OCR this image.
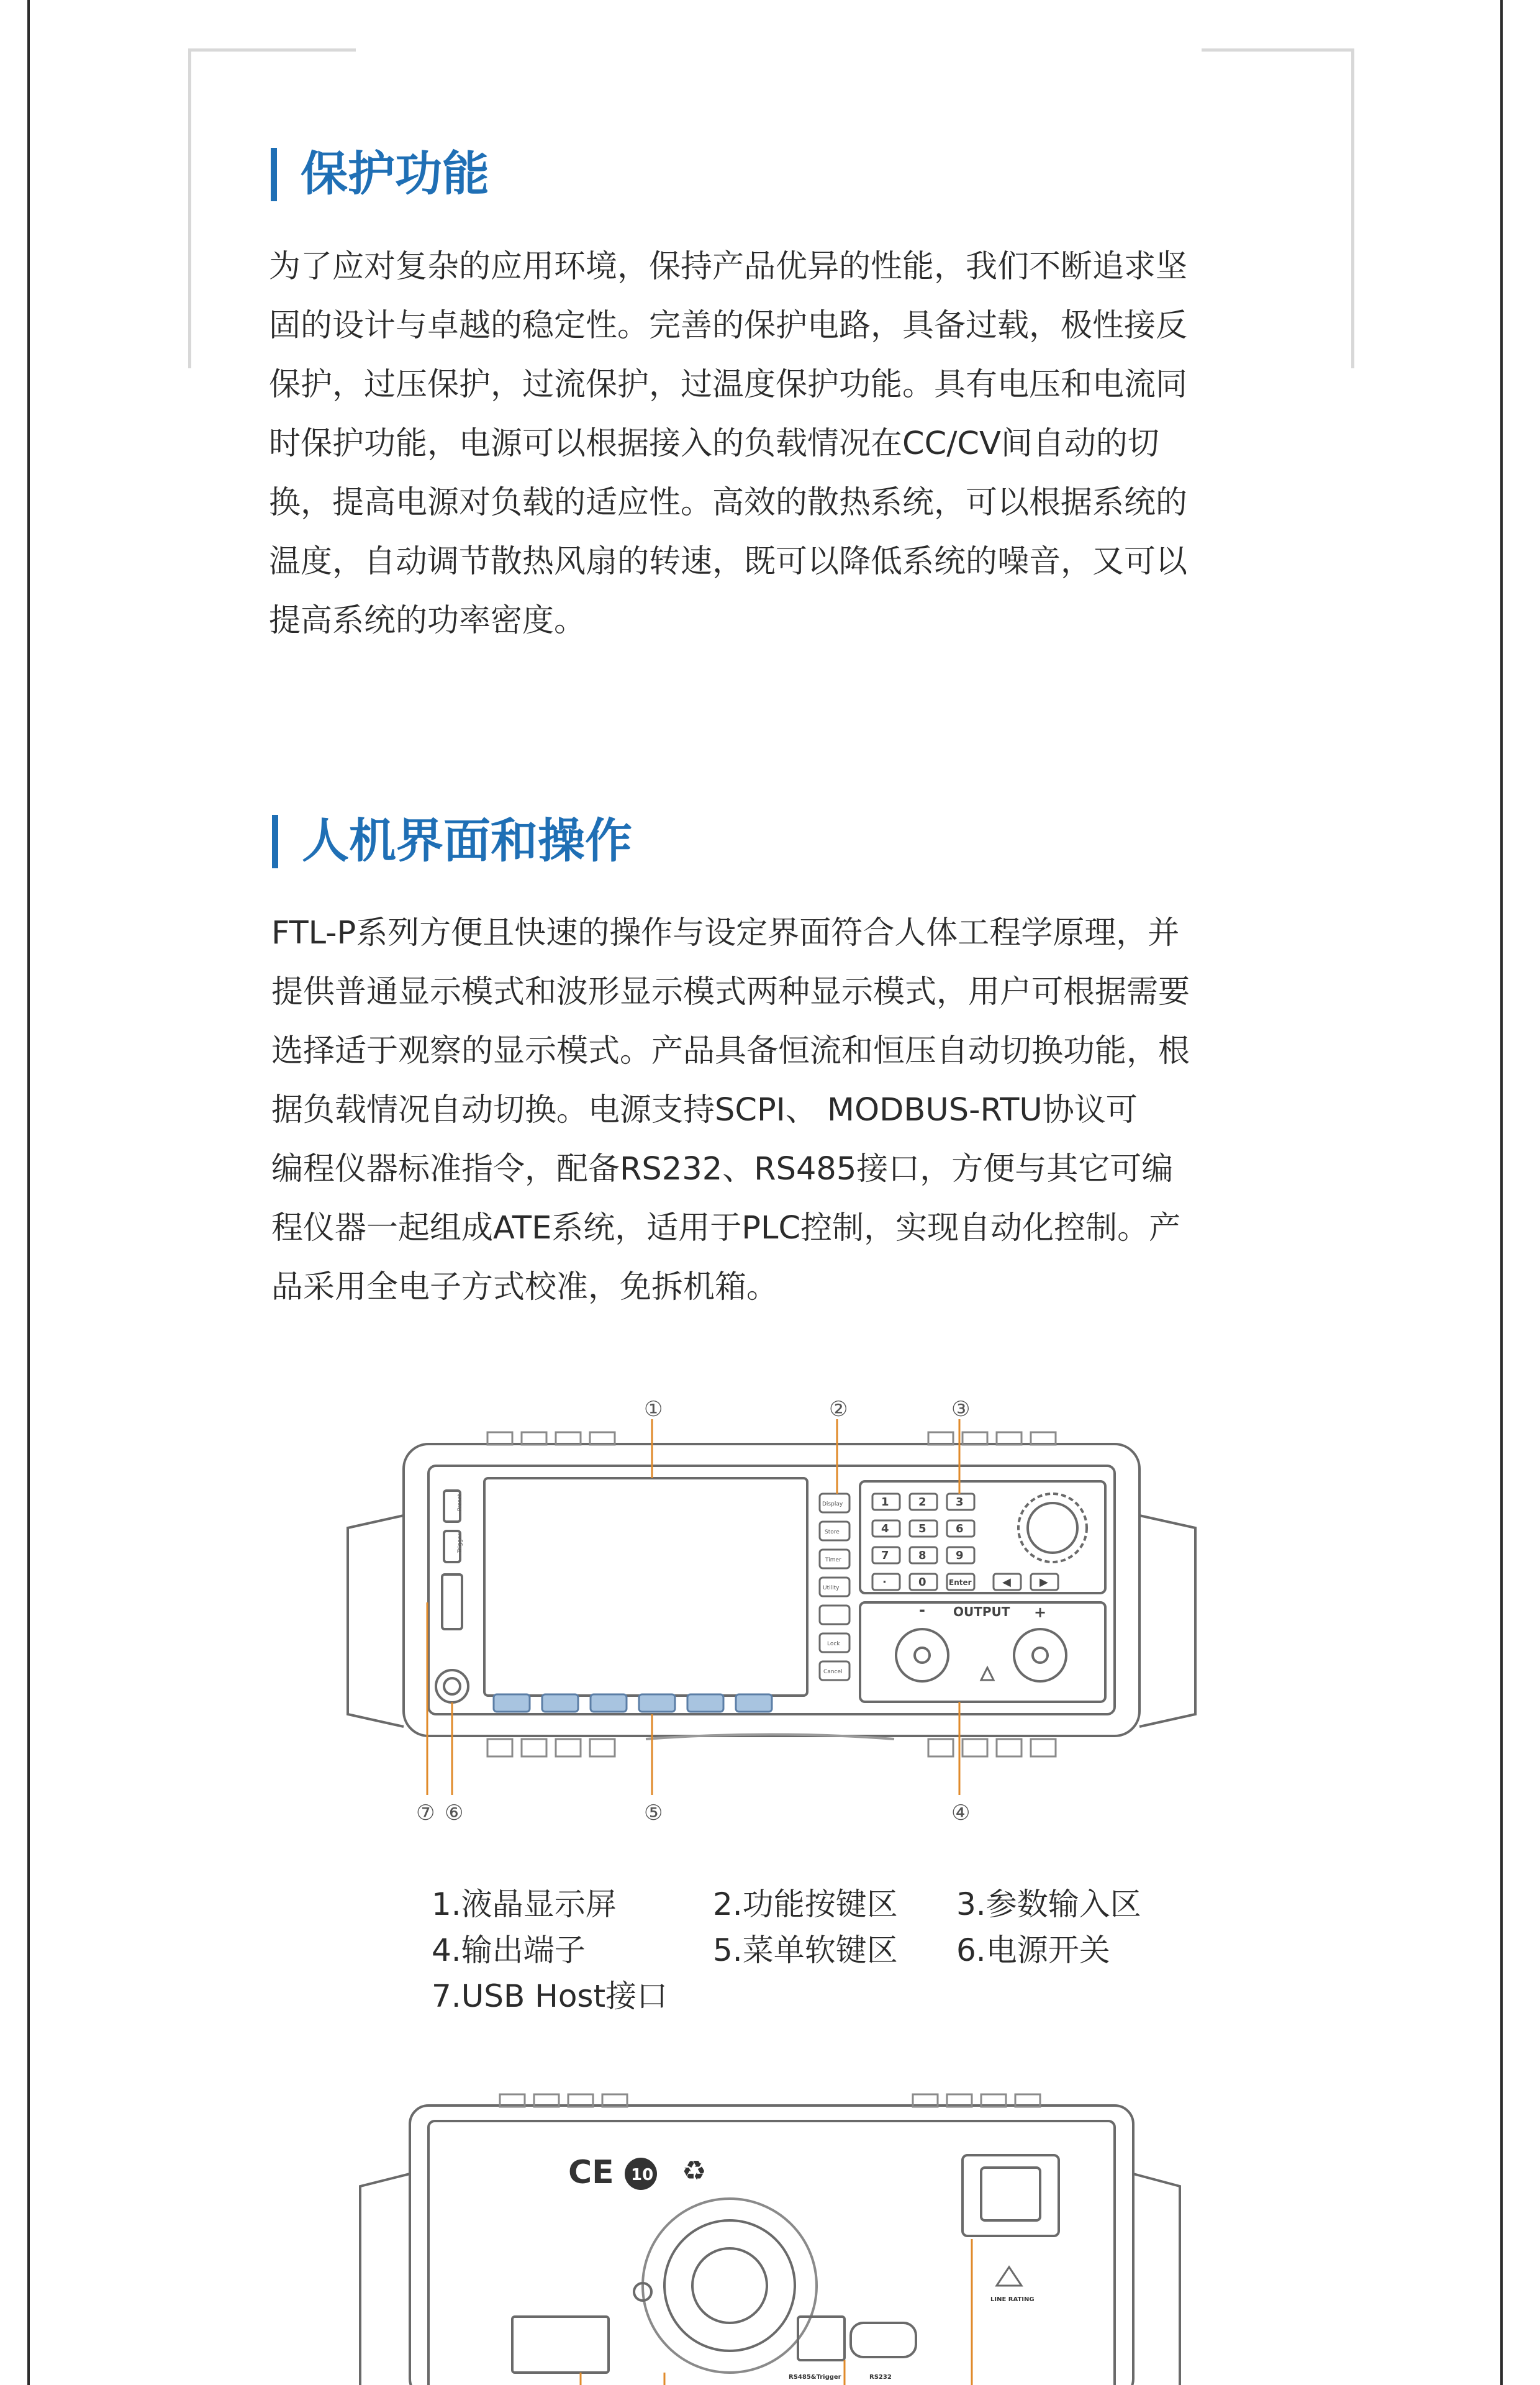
保护功能
为了应对复杂的应用环境，保持产品优异的性能，我们不断追求坚
固的设计与卓越的稳定性。完善的保护电路，具备过载，极性接反
保护，过压保护，过流保护，过温度保护功能。具有电压和电流同
时保护功能，电源可以根据接入的负载情况在CC/CV间自动的切
换，提高电源对负载的适应性。高效的散热系统，可以根据系统的
温度，自动调节散热风扇的转速，既可以降低系统的噪音，又可以
提高系统的功率密度。
人机界面和操作
FTL-P系列方便且快速的操作与设定界面符合人体工程学原理，并
提供普通显示模式和波形显示模式两种显示模式，用户可根据需要
选择适于观察的显示模式。产品具备恒流和恒压自动切换功能，根
据负载情况自动切换。电源支持SCPI、 MODBUS-RTU协议可
编程仪器标准指令，配备RS232、RS485接口，方便与其它可编
程仪器一起组成ATE系统，适用于PLC控制，实现自动化控制。产
品采用全电子方式校准，免拆机箱。
1	2	3
4	5	6
7	8	9
·	0	Enter	◀	▶
OUTPUT
-	+
Display
Store
Timer
Utility
Lock
Cancel
Preset
Trigger
①	②	③
④
⑤
⑥
⑦
1.液晶显示屏	2.功能按键区 3.参数输入区
4.输出端子	5.菜单软键区 6.电源开关
7.USB Host接口
CE 10 ♻
RS485&Trigger	RS232
LINE RATING
